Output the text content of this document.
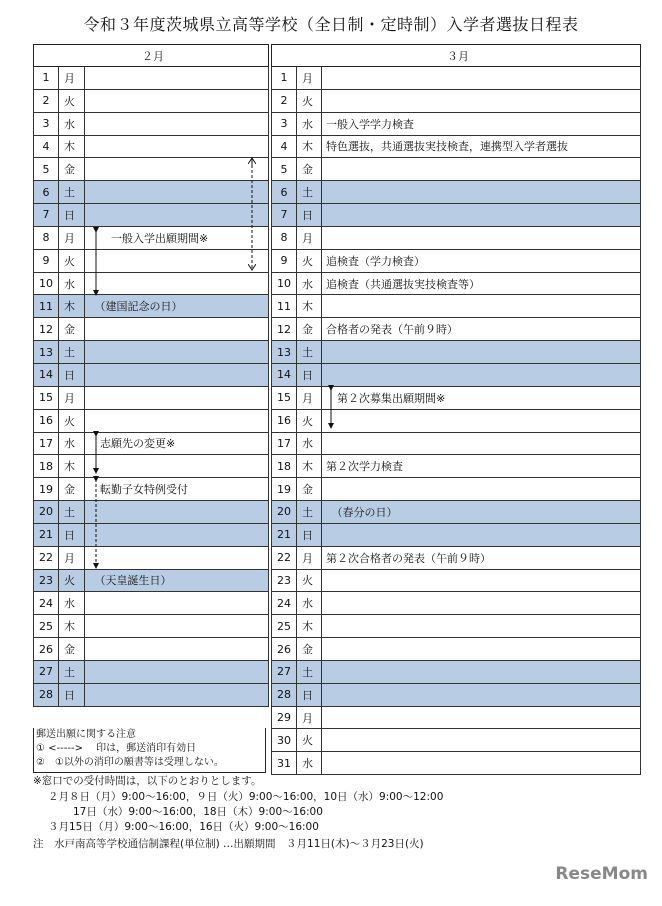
令和３年度茨城県立高等学校（全日制・定時制）入学者選抜日程表
２月		
1	月	
2	火	
3	水	
4	木	
5	金	
6	土	
7	日	
8	月	　　一般入学出願期間※
9	火	
10	水	
11	木	　（建国記念の日）
12	金	
13	土	
14	日	
15	月	
16	火	
17	水	　志願先の変更※
18	木	
19	金	　転勤子女特例受付
20	土	
21	日	
22	月	
23	火	　（天皇誕生日）
24	水	
25	木	
26	金	
27	土	
28	日	
３月		
1	月	
2	火	
3	水	一般入学学力検査
4	木	特色選抜，共通選抜実技検査，連携型入学者選抜
5	金	
6	土	
7	日	
8	月	
9	火	追検査（学力検査）
10	水	追検査（共通選抜実技検査等）
11	木	
12	金	合格者の発表（午前９時）
13	土	
14	日	
15	月	　第２次募集出願期間※
16	火	
17	水	
18	木	第２次学力検査
19	金	
20	土	　（春分の日）
21	日	
22	月	第２次合格者の発表（午前９時）
23	火	
24	水	
25	木	
26	金	
27	土	
28	日	
29	月	
30	火	
31	水	
郵送出願に関する注意
① <-----> 　印は，郵送消印有効日
②　①以外の消印の願書等は受理しない。
※窓口での受付時間は，以下のとおりとします。
２月８日（月）9:00～16:00，９日（火）9:00～16:00，10日（水）9:00～12:00
17日（水）9:00～16:00，18日（木）9:00～16:00
３月15日（月）9:00～16:00，16日（火）9:00～16:00
注　水戸南高等学校通信制課程(単位制) …出願期間　３月11日(木)～３月23日(火)
ReseMom
